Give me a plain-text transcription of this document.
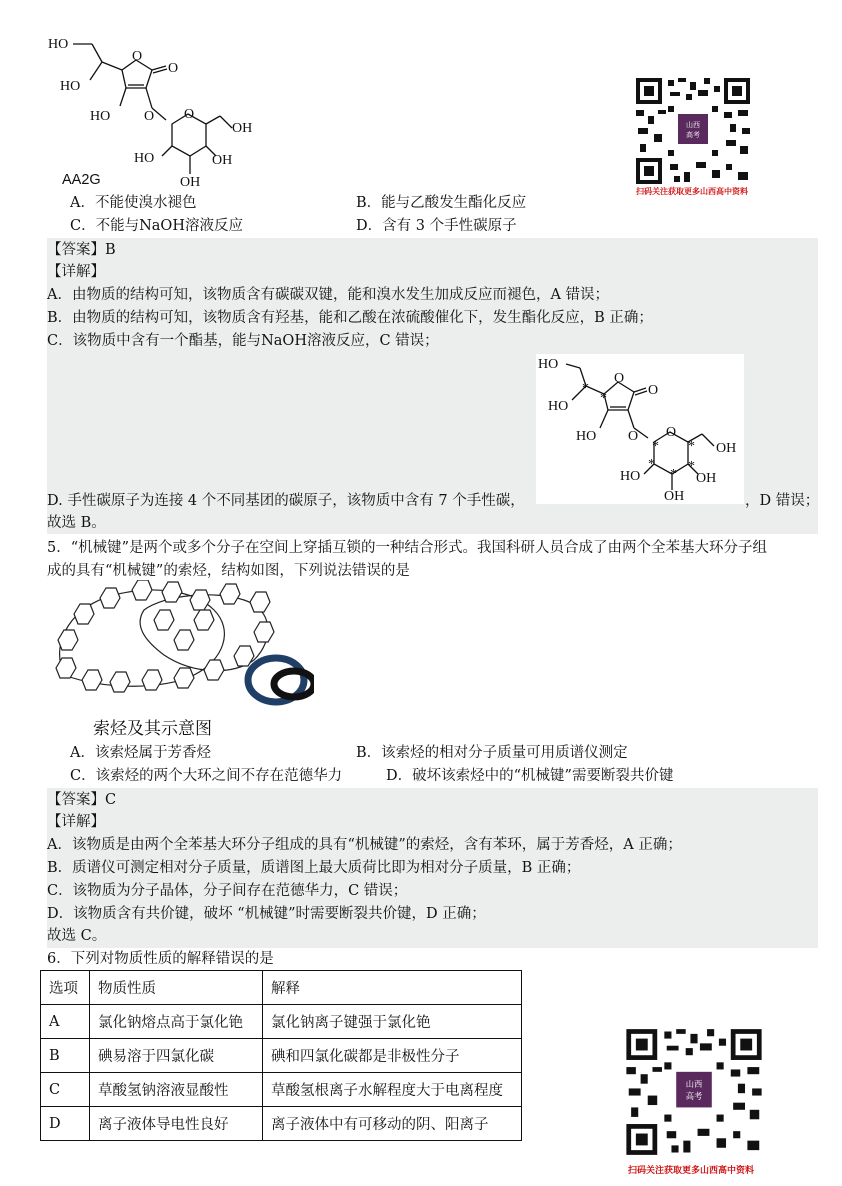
HO
HO
O
O
HO O O
OH
HO	OH
OH
AA2G
山西
高考
扫码关注获取更多山西高中资料
A．不能使溴水褪色	B．能与乙酸发生酯化反应
C．不能与NaOH溶液反应	D．含有 3 个手性碳原子
【答案】B
【详解】
A．由物质的结构可知，该物质含有碳碳双键，能和溴水发生加成反应而褪色，A 错误；
B．由物质的结构可知，该物质含有羟基，能和乙酸在浓硫酸催化下，发生酯化反应，B 正确；
C．该物质中含有一个酯基，能与NaOH溶液反应，C 错误；
HO
HO
O
O
HO O O
OH
HO	OH
OH
*
*
* *
* *
*
D. 手性碳原子为连接 4 个不同基团的碳原子，该物质中含有 7 个手性碳，	，D 错误；
故选 B。
5．“机械键”是两个或多个分子在空间上穿插互锁的一种结合形式。我国科研人员合成了由两个全苯基大环分子组
成的具有“机械键”的索烃，结构如图，下列说法错误的是
索烃及其示意图
A．该索烃属于芳香烃	B．该索烃的相对分子质量可用质谱仪测定
C．该索烃的两个大环之间不存在范德华力	D．破坏该索烃中的“机械键”需要断裂共价键
【答案】C
【详解】
A．该物质是由两个全苯基大环分子组成的具有“机械键”的索烃，含有苯环，属于芳香烃，A 正确；
B．质谱仪可测定相对分子质量，质谱图上最大质荷比即为相对分子质量，B 正确；
C．该物质为分子晶体，分子间存在范德华力，C 错误；
D．该物质含有共价键，破坏 “机械键”时需要断裂共价键，D 正确；
故选 C。
6．下列对物质性质的解释错误的是
选项	物质性质	解释
A	氯化钠熔点高于氯化铯	氯化钠离子键强于氯化铯
B	碘易溶于四氯化碳	碘和四氯化碳都是非极性分子
C	草酸氢钠溶液显酸性	草酸氢根离子水解程度大于电离程度
D	离子液体导电性良好	离子液体中有可移动的阴、阳离子
山西
高考
扫码关注获取更多山西高中资料
